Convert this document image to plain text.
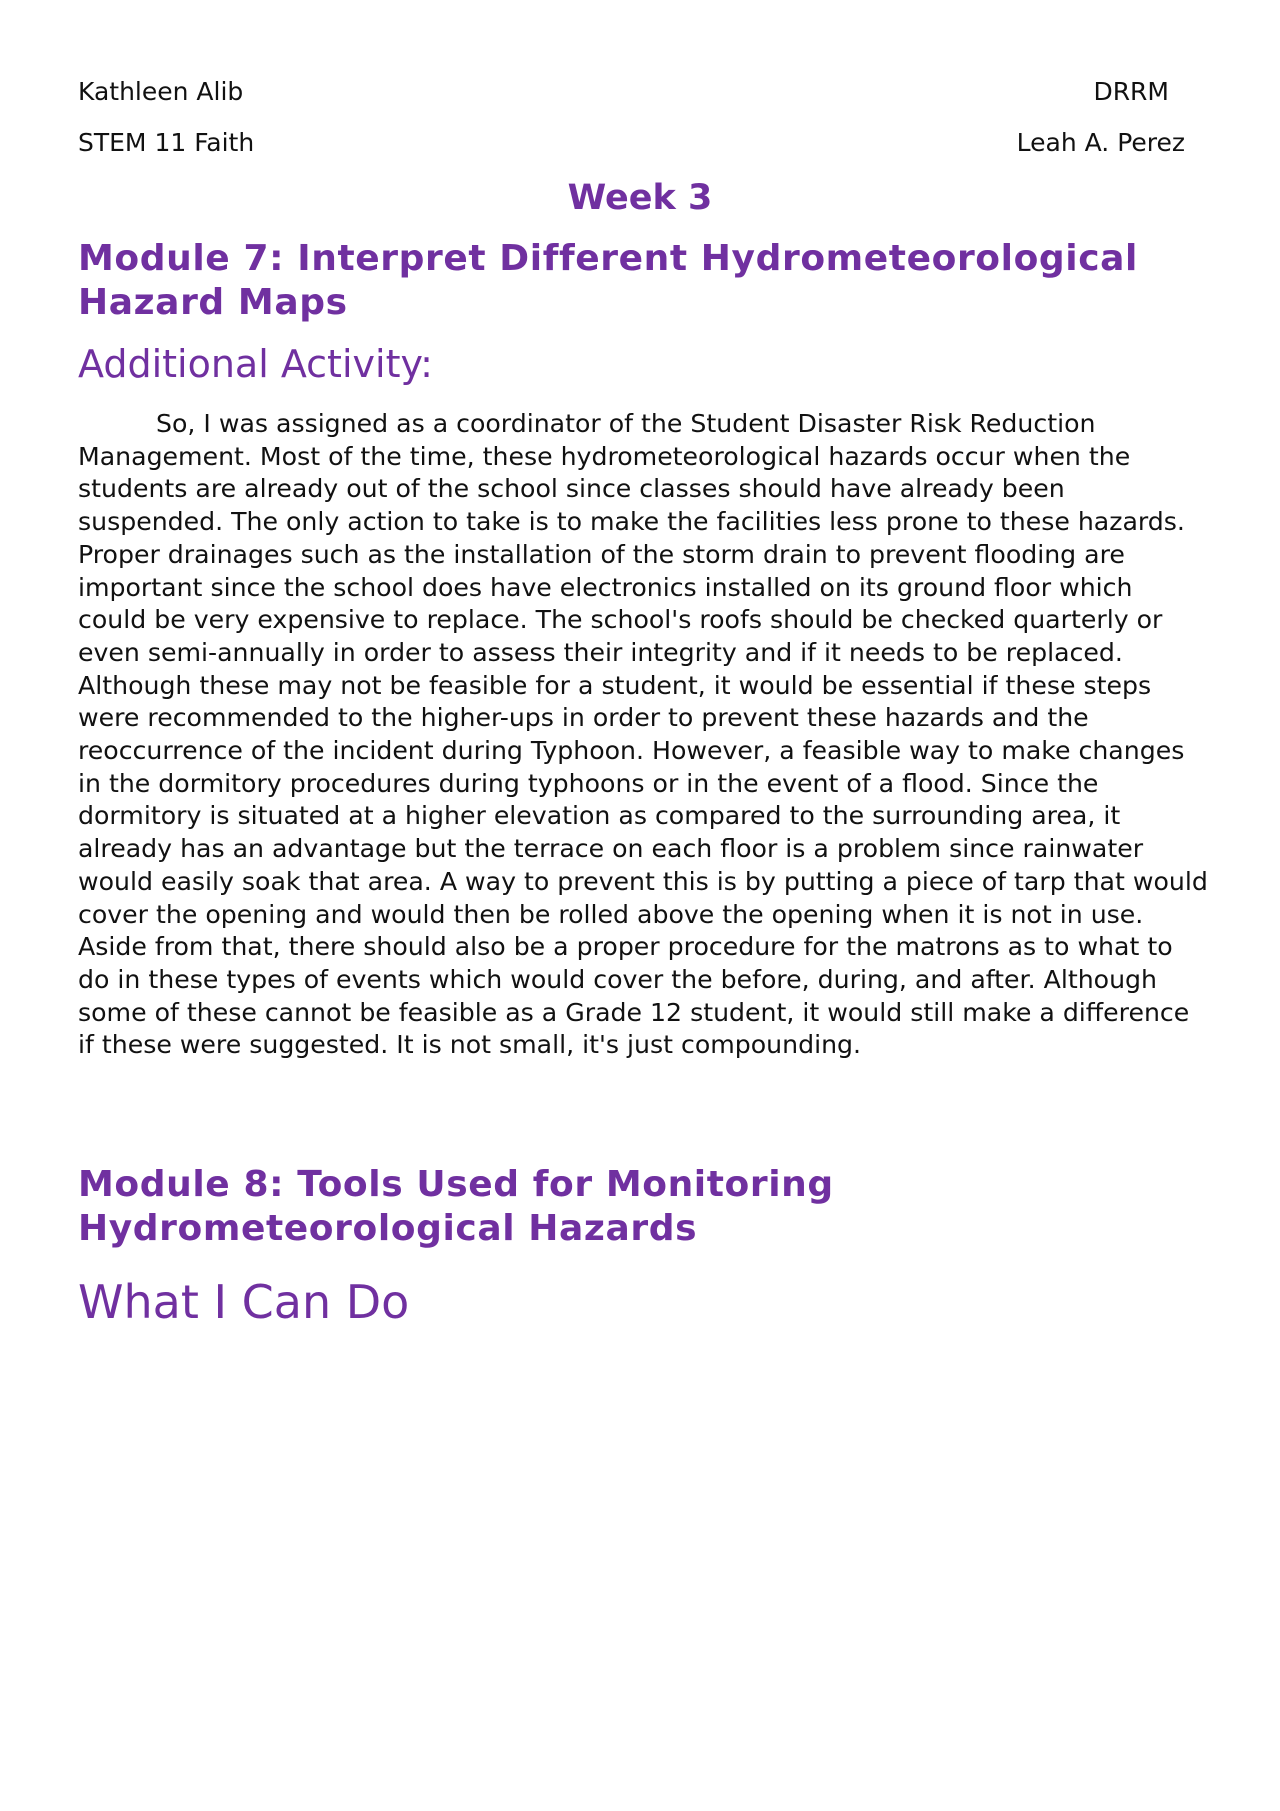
Kathleen Alib
STEM 11 Faith
DRRM
Leah A. Perez
Week 3
Module 7: Interpret Different Hydrometeorological Hazard Maps
Additional Activity:

So, I was assigned as a coordinator of the Student Disaster Risk Reduction Management. Most of the time, these hydrometeorological hazards occur when the students are already out of the school since classes should have already been suspended. The only action to take is to make the facilities less prone to these hazards. Proper drainages such as the installation of the storm drain to prevent flooding are important since the school does have electronics installed on its ground floor which could be very expensive to replace. The school's roofs should be checked quarterly or even semi-annually in order to assess their integrity and if it needs to be replaced. Although these may not be feasible for a student, it would be essential if these steps were recommended to the higher-ups in order to prevent these hazards and the reoccurrence of the incident during Typhoon. However, a feasible way to make changes in the dormitory procedures during typhoons or in the event of a flood. Since the dormitory is situated at a higher elevation as compared to the surrounding area, it already has an advantage but the terrace on each floor is a problem since rainwater would easily soak that area. A way to prevent this is by putting a piece of tarp that would cover the opening and would then be rolled above the opening when it is not in use. Aside from that, there should also be a proper procedure for the matrons as to what to do in these types of events which would cover the before, during, and after. Although some of these cannot be feasible as a Grade 12 student, it would still make a difference if these were suggested. It is not small, it's just compounding.

Module 8: Tools Used for Monitoring Hydrometeorological Hazards
What I Can Do
